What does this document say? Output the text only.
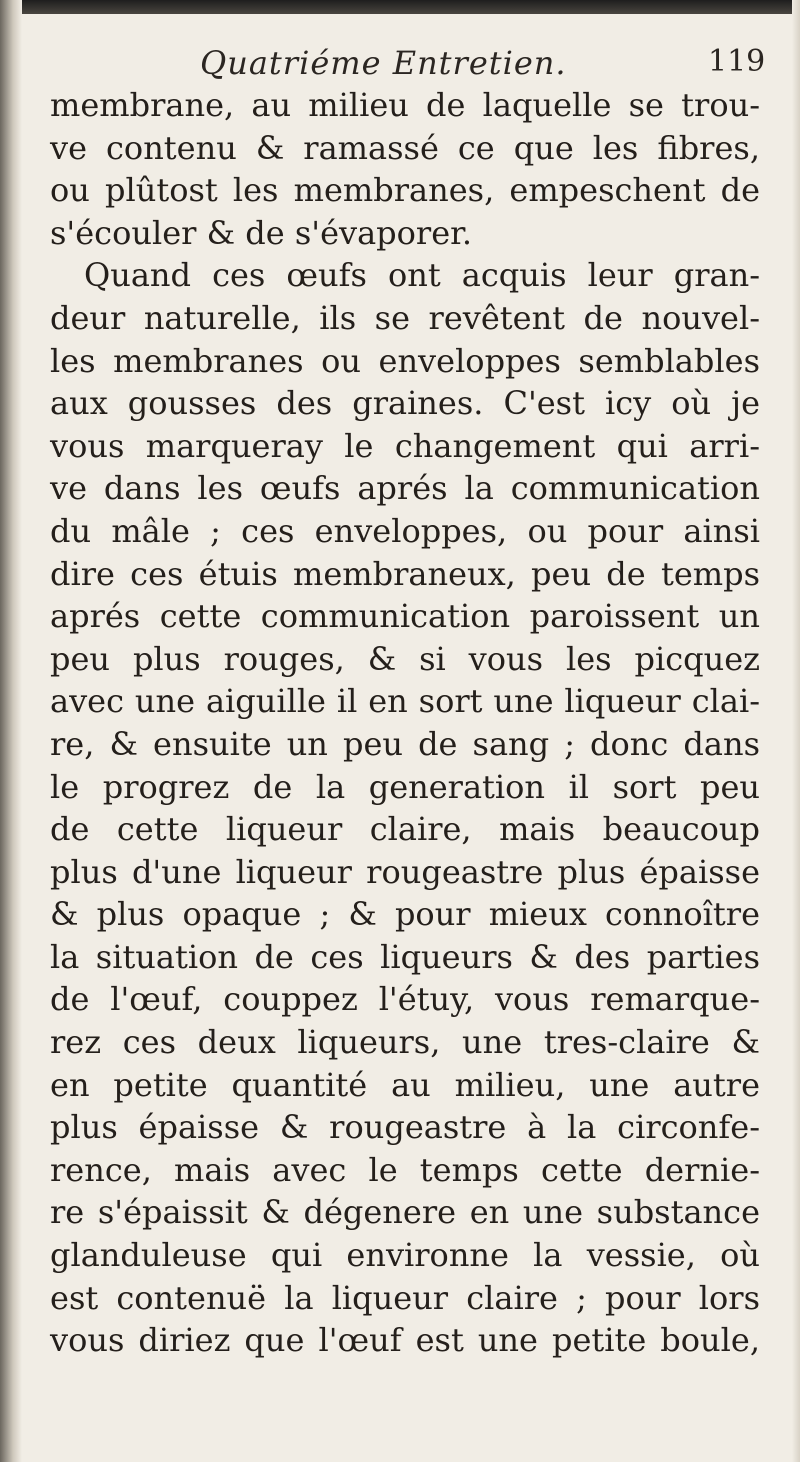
Quatriéme Entretien.	119
membrane, au milieu de laquelle se trou-
ve contenu & ramassé ce que les fibres,
ou plûtost les membranes, empeschent de
s'écouler & de s'évaporer.
Quand ces œufs ont acquis leur gran-
deur naturelle, ils se revêtent de nouvel-
les membranes ou enveloppes semblables
aux gousses des graines. C'est icy où je
vous marqueray le changement qui arri-
ve dans les œufs aprés la communication
du mâle ; ces enveloppes, ou pour ainsi
dire ces étuis membraneux, peu de temps
aprés cette communication paroissent un
peu plus rouges, & si vous les picquez
avec une aiguille il en sort une liqueur clai-
re, & ensuite un peu de sang ; donc dans
le progrez de la generation il sort peu
de cette liqueur claire, mais beaucoup
plus d'une liqueur rougeastre plus épaisse
& plus opaque ; & pour mieux connoître
la situation de ces liqueurs & des parties
de l'œuf, couppez l'étuy, vous remarque-
rez ces deux liqueurs, une tres-claire &
en petite quantité au milieu, une autre
plus épaisse & rougeastre à la circonfe-
rence, mais avec le temps cette dernie-
re s'épaissit & dégenere en une substance
glanduleuse qui environne la vessie, où
est contenuë la liqueur claire ; pour lors
vous diriez que l'œuf est une petite boule,
